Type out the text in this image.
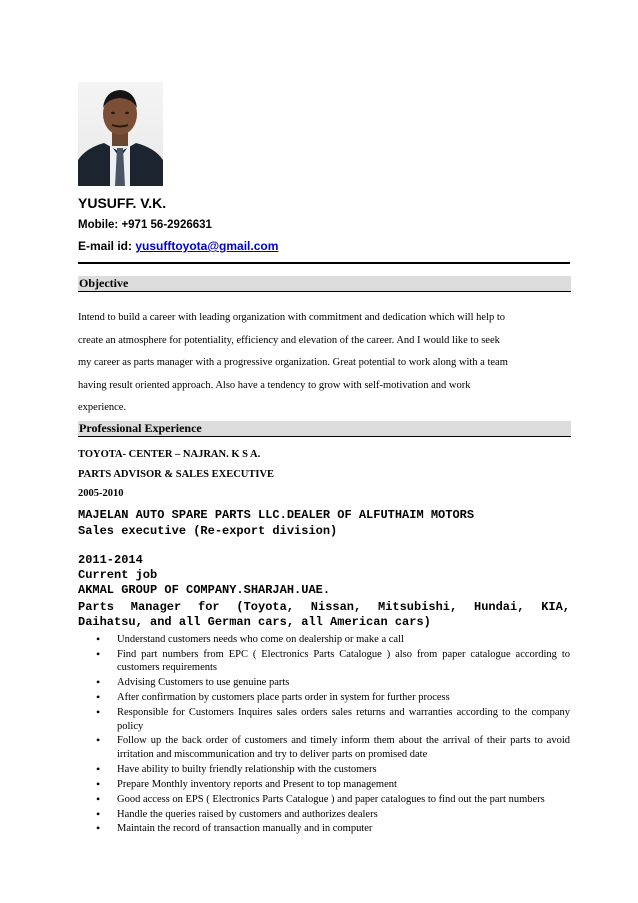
YUSUFF. V.K.
Mobile: +971 56-2926631
E-mail id: yusufftoyota@gmail.com
Objective
Intend to build a career with leading organization with commitment and dedication which will help to
create an atmosphere for potentiality, efficiency and elevation of the career. And I would like to seek
my career as parts manager with a progressive organization. Great potential to work along with a team
having result oriented approach. Also have a tendency to grow with self-motivation and work
experience.
Professional Experience
TOYOTA- CENTER – NAJRAN. K S A.
PARTS ADVISOR & SALES EXECUTIVE
2005-2010
MAJELAN AUTO SPARE PARTS LLC.DEALER OF ALFUTHAIM MOTORS
Sales executive (Re-export division)
2011-2014
Current job
AKMAL GROUP OF COMPANY.SHARJAH.UAE.
Parts Manager for (Toyota, Nissan, Mitsubishi, Hundai, KIA, Daihatsu, and all German cars, all American cars)
• Understand customers needs who come on dealership or make a call
• Find part numbers from EPC ( Electronics Parts Catalogue ) also from paper catalogue according to customers requirements
• Advising Customers to use genuine parts
• After confirmation by customers place parts order in system for further process
• Responsible for Customers Inquires sales orders sales returns and warranties according to the company policy
• Follow up the back order of customers and timely inform them about the arrival of their parts to avoid irritation and miscommunication and try to deliver parts on promised date
• Have ability to builty friendly relationship with the customers
• Prepare Monthly inventory reports and Present to top management
• Good access on EPS ( Electronics Parts Catalogue ) and paper catalogues to find out the part numbers
• Handle the queries raised by customers and authorizes dealers
• Maintain the record of transaction manually and in computer
